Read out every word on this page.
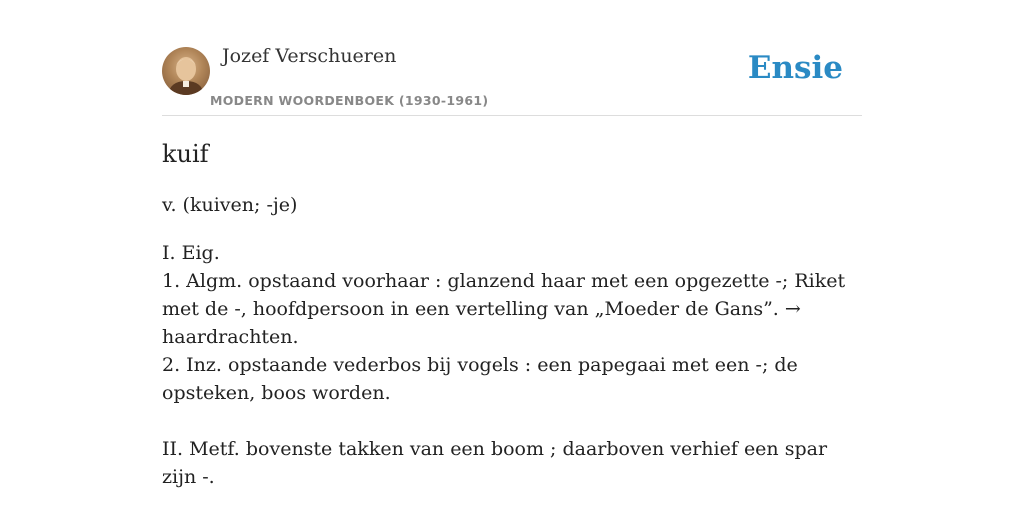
Jozef Verschueren
MODERN WOORDENBOEK (1930-1961)
Ensie
kuif
v. (kuiven; -je)

I. Eig.

1. Algm. opstaand voorhaar : glanzend haar met een opgezette -; Riket met de -, hoofdpersoon in een vertelling van „Moeder de Gans”. → haardrachten.

2. Inz. opstaande vederbos bij vogels : een papegaai met een -; de opsteken, boos worden.

II. Metf. bovenste takken van een boom ; daarboven verhief een spar zijn -.
